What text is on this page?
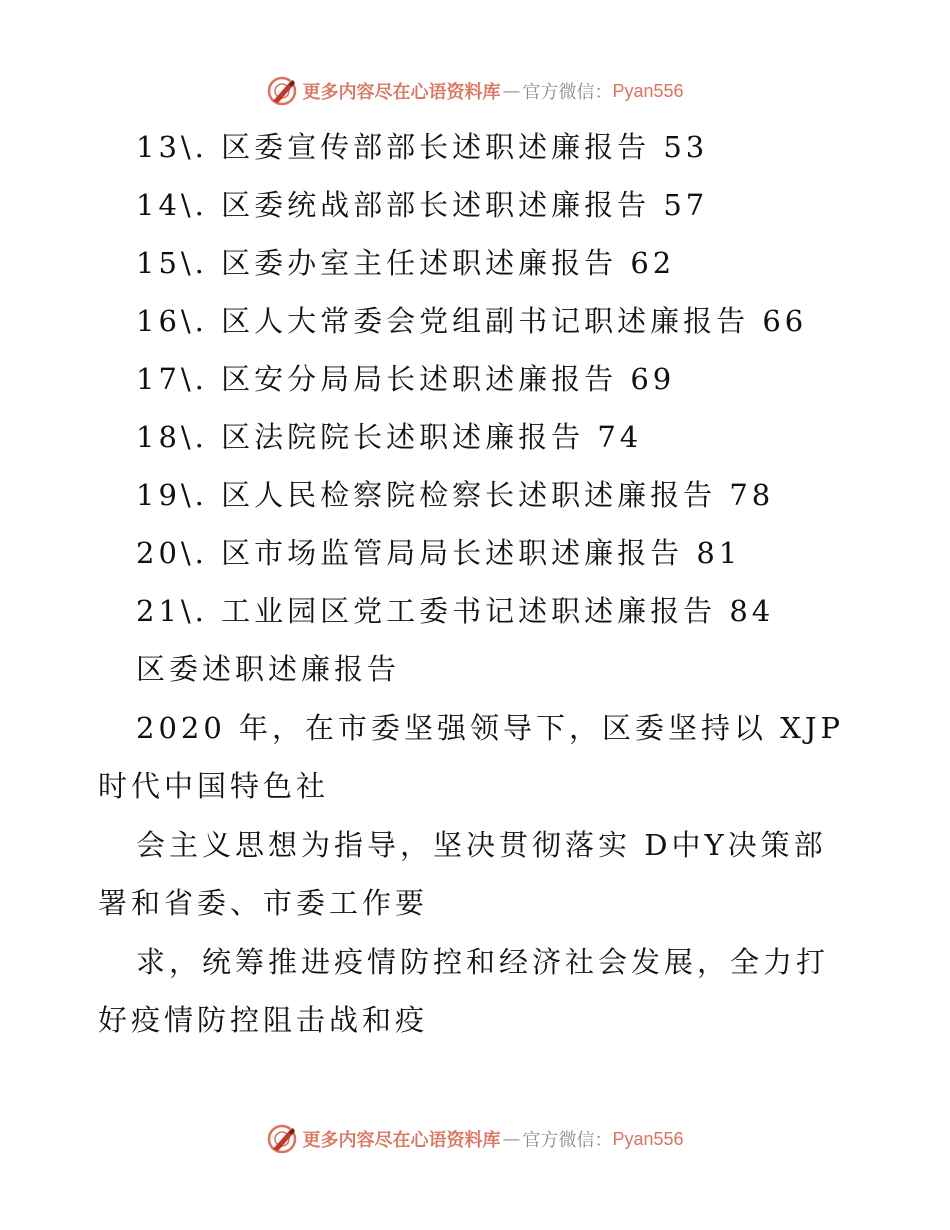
更多内容尽在心语资料库 — 官方微信： Pyan556
13\. 区委宣传部部长述职述廉报告 53
14\. 区委统战部部长述职述廉报告 57
15\. 区委办室主任述职述廉报告 62
16\. 区人大常委会党组副书记职述廉报告 66
17\. 区安分局局长述职述廉报告 69
18\. 区法院院长述职述廉报告 74
19\. 区人民检察院检察长述职述廉报告 78
20\. 区市场监管局局长述职述廉报告 81
21\. 工业园区党工委书记述职述廉报告 84
区委述职述廉报告
2020 年，在市委坚强领导下，区委坚持以 XJP
时代中国特色社
会主义思想为指导，坚决贯彻落实 D中Y决策部
署和省委、市委工作要
求，统筹推进疫情防控和经济社会发展，全力打
好疫情防控阻击战和疫
更多内容尽在心语资料库 — 官方微信： Pyan556
